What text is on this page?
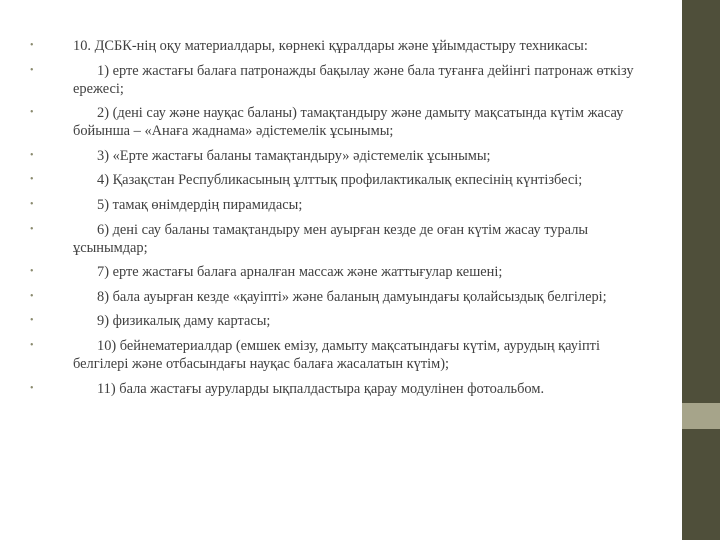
•	10. ДСБК-нің оқу материалдары, көрнекі құралдары және ұйымдастыру техникасы:
•	1) ерте жастағы балаға патронажды бақылау және бала туғанға дейінгі патронаж өткізу ережесі;
•	2) (дені сау және науқас баланы) тамақтандыру және дамыту мақсатында күтім жасау бойынша – «Анаға жаднама» әдістемелік ұсынымы;
•	3) «Ерте жастағы баланы тамақтандыру» әдістемелік ұсынымы;
•	4) Қазақстан Республикасының ұлттық профилактикалық екпесінің күнтізбесі;
•	5) тамақ өнімдердің пирамидасы;
•	6) дені сау баланы тамақтандыру мен ауырған кезде де оған күтім жасау туралы ұсынымдар;
•	7) ерте жастағы балаға арналған массаж және жаттығулар кешені;
•	8) бала ауырған кезде «қауіпті» және баланың дамуындағы қолайсыздық белгілері;
•	9) физикалық даму картасы;
•	10) бейнематериалдар (емшек емізу, дамыту мақсатындағы күтім, аурудың қауіпті белгілері және отбасындағы науқас балаға жасалатын күтім);
•	11) бала жастағы ауруларды ықпалдастыра қарау модулінен фотоальбом.
